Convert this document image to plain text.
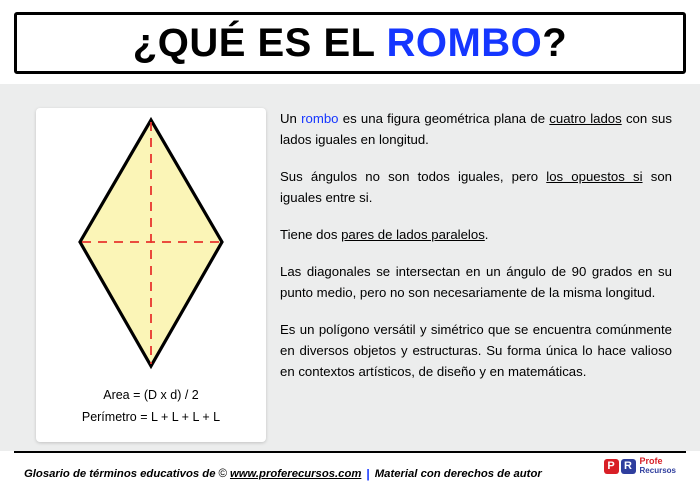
¿QUÉ ES EL ROMBO?
Area = (D x d) / 2
Perímetro = L + L + L + L

Un rombo es una figura geométrica plana de cuatro lados con sus lados iguales en longitud.

Sus ángulos no son todos iguales, pero los opuestos si son iguales entre si.

Tiene dos pares de lados paralelos.

Las diagonales se intersectan en un ángulo de 90 grados en su punto medio, pero no son necesariamente de la misma longitud.

Es un polígono versátil y simétrico que se encuentra comúnmente en diversos objetos y estructuras. Su forma única lo hace valioso en contextos artísticos, de diseño y en matemáticas.

Glosario de términos educativos de © www.proferecursos.com | Material con derechos de autor
P R Profe
Recursos
